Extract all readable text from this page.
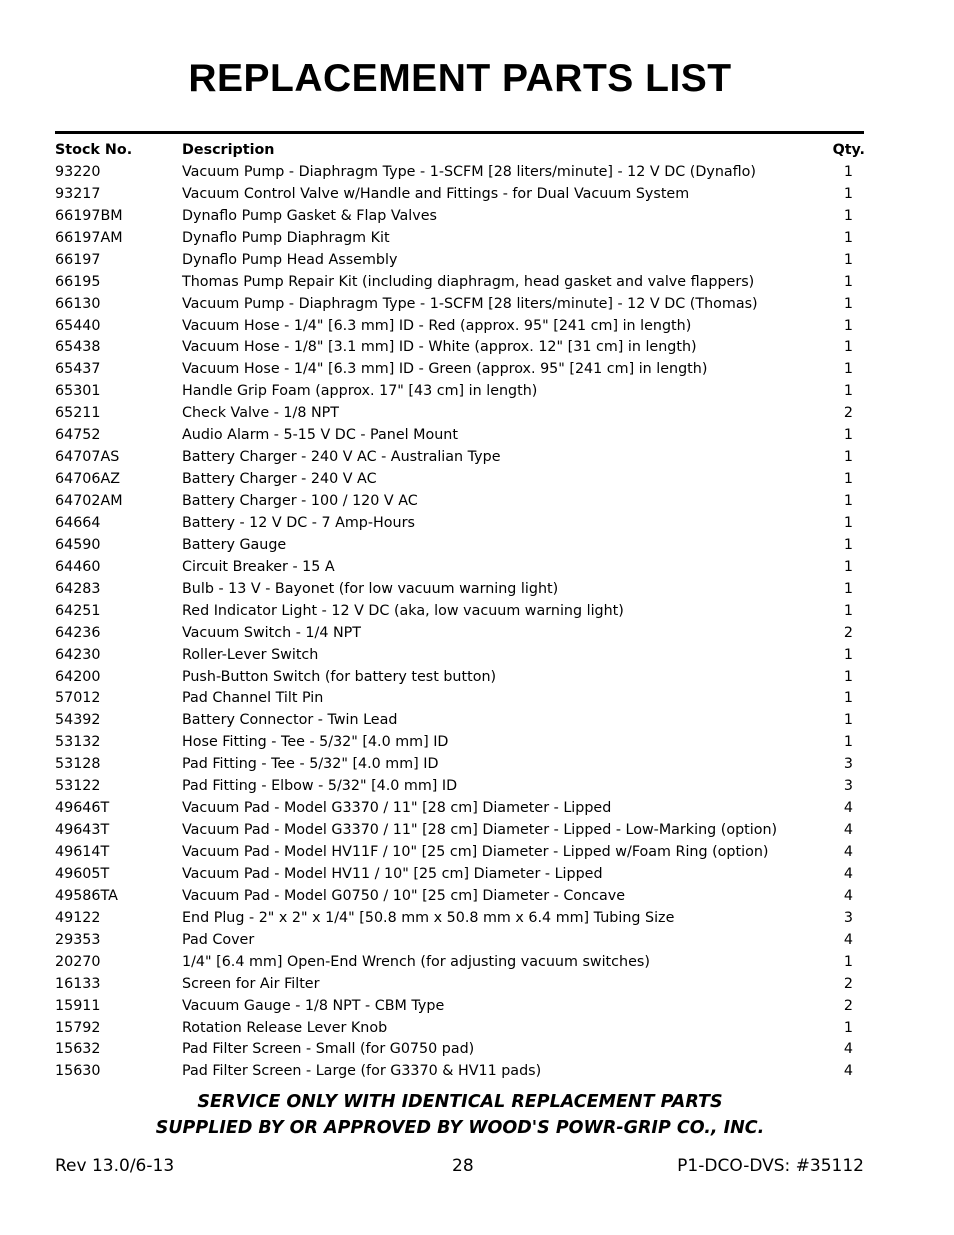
REPLACEMENT PARTS LIST
Stock No.	Description	Qty.
93220	Vacuum Pump - Diaphragm Type - 1-SCFM [28 liters/minute] - 12 V DC (Dynaflo)	1
93217	Vacuum Control Valve w/Handle and Fittings - for Dual Vacuum System	1
66197BM	Dynaflo Pump Gasket & Flap Valves	1
66197AM	Dynaflo Pump Diaphragm Kit	1
66197	Dynaflo Pump Head Assembly	1
66195	Thomas Pump Repair Kit (including diaphragm, head gasket and valve flappers)	1
66130	Vacuum Pump - Diaphragm Type - 1-SCFM [28 liters/minute] - 12 V DC (Thomas)	1
65440	Vacuum Hose - 1/4" [6.3 mm] ID - Red (approx. 95" [241 cm] in length)	1
65438	Vacuum Hose - 1/8" [3.1 mm] ID - White (approx. 12" [31 cm] in length)	1
65437	Vacuum Hose - 1/4" [6.3 mm] ID - Green (approx. 95" [241 cm] in length)	1
65301	Handle Grip Foam (approx. 17" [43 cm] in length)	1
65211	Check Valve - 1/8 NPT	2
64752	Audio Alarm - 5-15 V DC - Panel Mount	1
64707AS	Battery Charger - 240 V AC - Australian Type	1
64706AZ	Battery Charger - 240 V AC	1
64702AM	Battery Charger - 100 / 120 V AC	1
64664	Battery - 12 V DC - 7 Amp-Hours	1
64590	Battery Gauge	1
64460	Circuit Breaker - 15 A	1
64283	Bulb - 13 V - Bayonet (for low vacuum warning light)	1
64251	Red Indicator Light - 12 V DC (aka, low vacuum warning light)	1
64236	Vacuum Switch - 1/4 NPT	2
64230	Roller-Lever Switch	1
64200	Push-Button Switch (for battery test button)	1
57012	Pad Channel Tilt Pin	1
54392	Battery Connector - Twin Lead	1
53132	Hose Fitting - Tee - 5/32" [4.0 mm] ID	1
53128	Pad Fitting - Tee - 5/32" [4.0 mm] ID	3
53122	Pad Fitting - Elbow - 5/32" [4.0 mm] ID	3
49646T	Vacuum Pad - Model G3370 / 11" [28 cm] Diameter - Lipped	4
49643T	Vacuum Pad - Model G3370 / 11" [28 cm] Diameter - Lipped - Low-Marking (option)	4
49614T	Vacuum Pad - Model HV11F / 10" [25 cm] Diameter - Lipped w/Foam Ring (option)	4
49605T	Vacuum Pad - Model HV11 / 10" [25 cm] Diameter - Lipped	4
49586TA	Vacuum Pad - Model G0750 / 10" [25 cm] Diameter - Concave	4
49122	End Plug - 2" x 2" x 1/4" [50.8 mm x 50.8 mm x 6.4 mm] Tubing Size	3
29353	Pad Cover	4
20270	1/4" [6.4 mm] Open-End Wrench (for adjusting vacuum switches)	1
16133	Screen for Air Filter	2
15911	Vacuum Gauge - 1/8 NPT - CBM Type	2
15792	Rotation Release Lever Knob	1
15632	Pad Filter Screen - Small (for G0750 pad)	4
15630	Pad Filter Screen - Large (for G3370 & HV11 pads)	4
SERVICE ONLY WITH IDENTICAL REPLACEMENT PARTS
SUPPLIED BY OR APPROVED BY WOOD'S POWR-GRIP CO., INC.
Rev 13.0/6-13	28	P1-DCO-DVS: #35112
